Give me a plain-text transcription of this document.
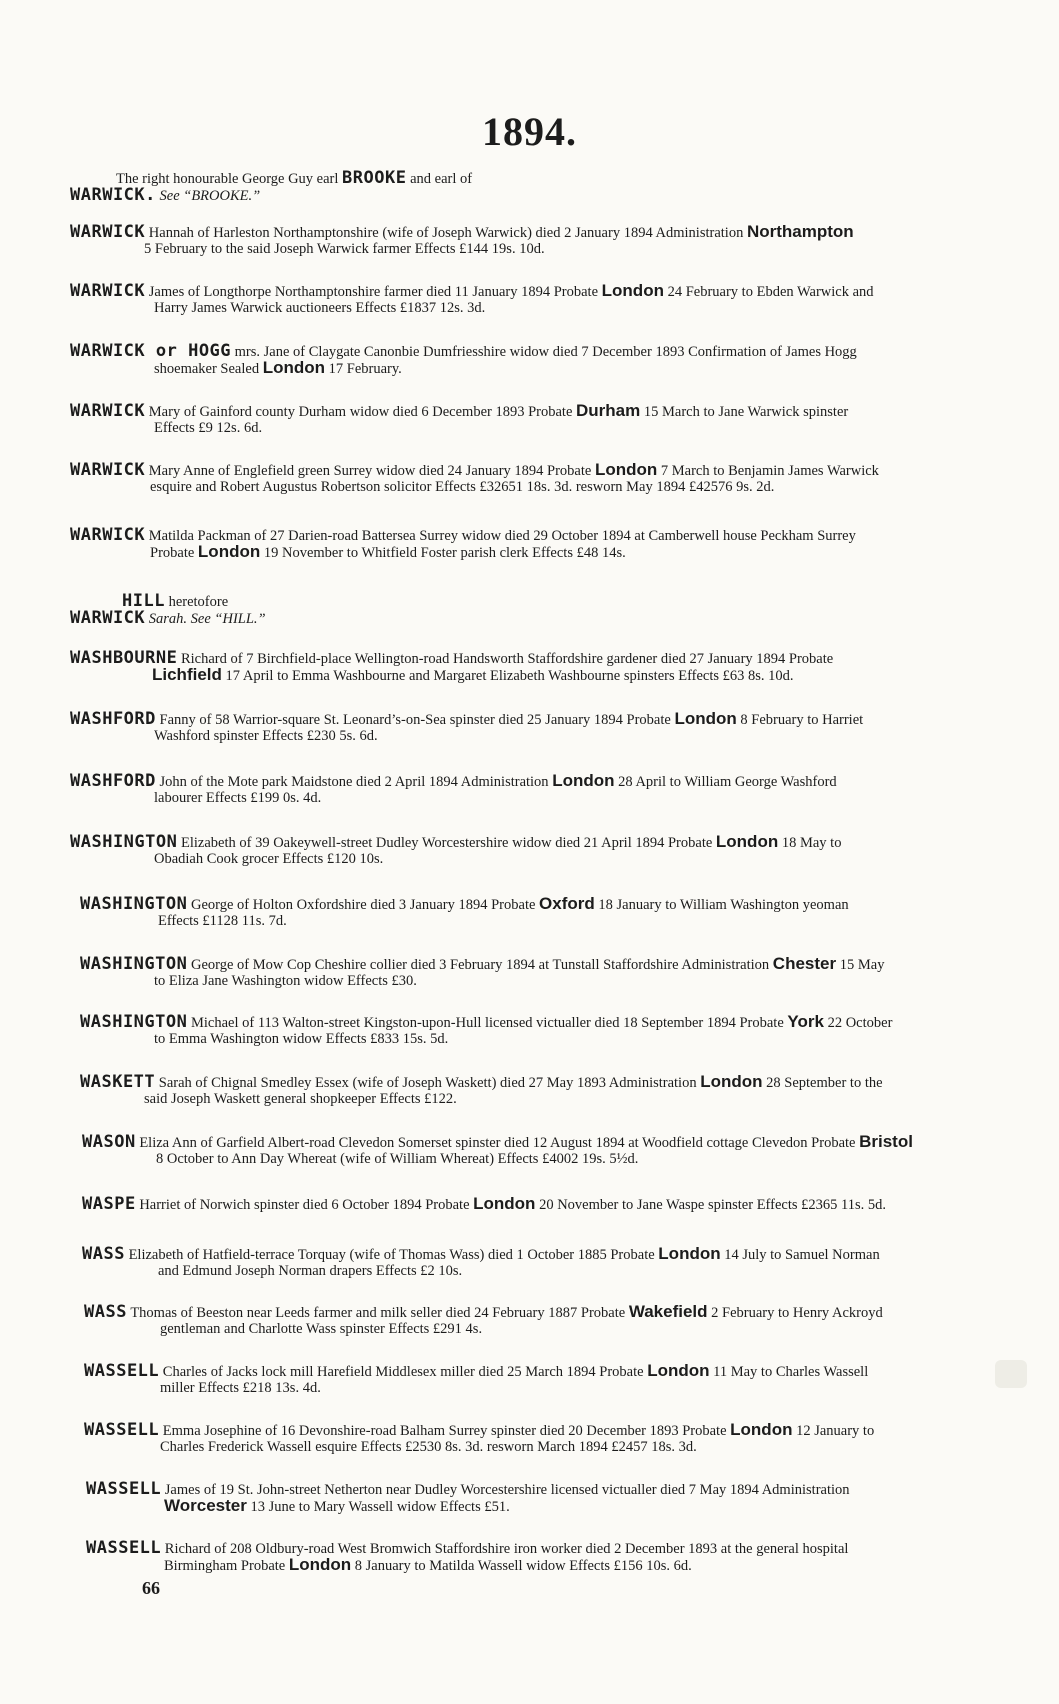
1894.
The right honourable George Guy earl BROOKE and earl of
WARWICK. See “BROOKE.”
WARWICK Hannah of Harleston Northamptonshire (wife of Joseph Warwick) died 2 January 1894 Administration Northampton
5 February to the said Joseph Warwick farmer Effects £144 19s. 10d.
WARWICK James of Longthorpe Northamptonshire farmer died 11 January 1894 Probate London 24 February to Ebden Warwick and
Harry James Warwick auctioneers Effects £1837 12s. 3d.
WARWICK or HOGG mrs. Jane of Claygate Canonbie Dumfriesshire widow died 7 December 1893 Confirmation of James Hogg
shoemaker Sealed London 17 February.
WARWICK Mary of Gainford county Durham widow died 6 December 1893 Probate Durham 15 March to Jane Warwick spinster
Effects £9 12s. 6d.
WARWICK Mary Anne of Englefield green Surrey widow died 24 January 1894 Probate London 7 March to Benjamin James Warwick
esquire and Robert Augustus Robertson solicitor Effects £32651 18s. 3d. resworn May 1894 £42576 9s. 2d.
WARWICK Matilda Packman of 27 Darien-road Battersea Surrey widow died 29 October 1894 at Camberwell house Peckham Surrey
Probate London 19 November to Whitfield Foster parish clerk Effects £48 14s.
HILL heretofore
WARWICK Sarah. See “HILL.”
WASHBOURNE Richard of 7 Birchfield-place Wellington-road Handsworth Staffordshire gardener died 27 January 1894 Probate
Lichfield 17 April to Emma Washbourne and Margaret Elizabeth Washbourne spinsters Effects £63 8s. 10d.
WASHFORD Fanny of 58 Warrior-square St. Leonard’s-on-Sea spinster died 25 January 1894 Probate London 8 February to Harriet
Washford spinster Effects £230 5s. 6d.
WASHFORD John of the Mote park Maidstone died 2 April 1894 Administration London 28 April to William George Washford
labourer Effects £199 0s. 4d.
WASHINGTON Elizabeth of 39 Oakeywell-street Dudley Worcestershire widow died 21 April 1894 Probate London 18 May to
Obadiah Cook grocer Effects £120 10s.
WASHINGTON George of Holton Oxfordshire died 3 January 1894 Probate Oxford 18 January to William Washington yeoman
Effects £1128 11s. 7d.
WASHINGTON George of Mow Cop Cheshire collier died 3 February 1894 at Tunstall Staffordshire Administration Chester 15 May
to Eliza Jane Washington widow Effects £30.
WASHINGTON Michael of 113 Walton-street Kingston-upon-Hull licensed victualler died 18 September 1894 Probate York 22 October
to Emma Washington widow Effects £833 15s. 5d.
WASKETT Sarah of Chignal Smedley Essex (wife of Joseph Waskett) died 27 May 1893 Administration London 28 September to the
said Joseph Waskett general shopkeeper Effects £122.
WASON Eliza Ann of Garfield Albert-road Clevedon Somerset spinster died 12 August 1894 at Woodfield cottage Clevedon Probate Bristol
8 October to Ann Day Whereat (wife of William Whereat) Effects £4002 19s. 5½d.
WASPE Harriet of Norwich spinster died 6 October 1894 Probate London 20 November to Jane Waspe spinster Effects £2365 11s. 5d.
WASS Elizabeth of Hatfield-terrace Torquay (wife of Thomas Wass) died 1 October 1885 Probate London 14 July to Samuel Norman
and Edmund Joseph Norman drapers Effects £2 10s.
WASS Thomas of Beeston near Leeds farmer and milk seller died 24 February 1887 Probate Wakefield 2 February to Henry Ackroyd
gentleman and Charlotte Wass spinster Effects £291 4s.
WASSELL Charles of Jacks lock mill Harefield Middlesex miller died 25 March 1894 Probate London 11 May to Charles Wassell
miller Effects £218 13s. 4d.
WASSELL Emma Josephine of 16 Devonshire-road Balham Surrey spinster died 20 December 1893 Probate London 12 January to
Charles Frederick Wassell esquire Effects £2530 8s. 3d. resworn March 1894 £2457 18s. 3d.
WASSELL James of 19 St. John-street Netherton near Dudley Worcestershire licensed victualler died 7 May 1894 Administration
Worcester 13 June to Mary Wassell widow Effects £51.
WASSELL Richard of 208 Oldbury-road West Bromwich Staffordshire iron worker died 2 December 1893 at the general hospital
Birmingham Probate London 8 January to Matilda Wassell widow Effects £156 10s. 6d.
66
